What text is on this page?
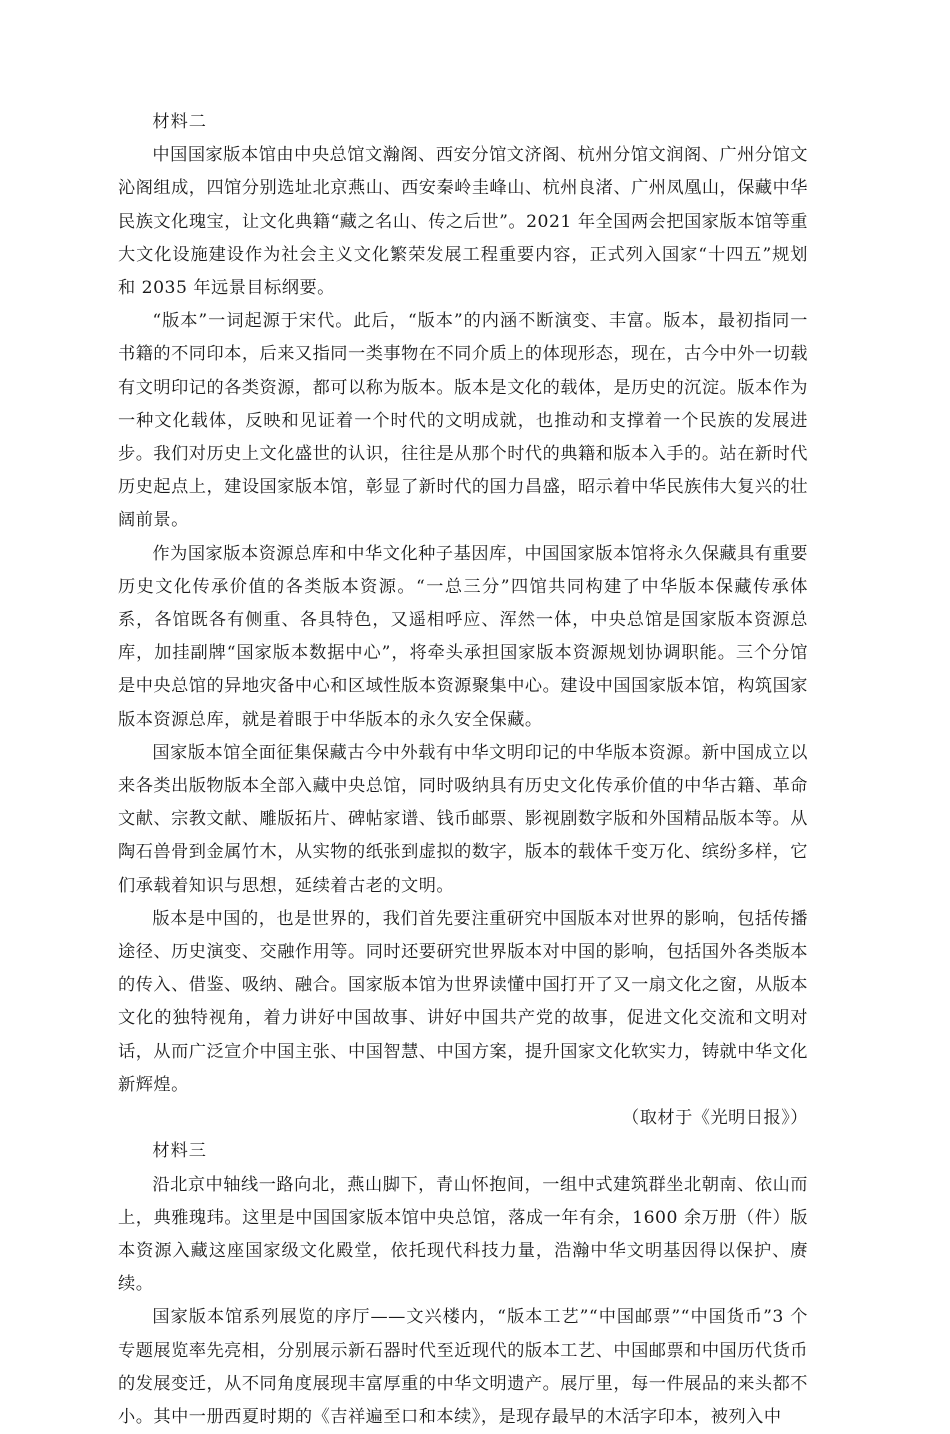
材料二

中国国家版本馆由中央总馆文瀚阁、西安分馆文济阁、杭州分馆文润阁、广州分馆文沁阁组成，四馆分别选址北京燕山、西安秦岭圭峰山、杭州良渚、广州凤凰山，保藏中华民族文化瑰宝，让文化典籍“藏之名山、传之后世”。2021 年全国两会把国家版本馆等重大文化设施建设作为社会主义文化繁荣发展工程重要内容，正式列入国家“十四五”规划和 2035 年远景目标纲要。

“版本”一词起源于宋代。此后，“版本”的内涵不断演变、丰富。版本，最初指同一书籍的不同印本，后来又指同一类事物在不同介质上的体现形态，现在，古今中外一切载有文明印记的各类资源，都可以称为版本。版本是文化的载体，是历史的沉淀。版本作为一种文化载体，反映和见证着一个时代的文明成就，也推动和支撑着一个民族的发展进步。我们对历史上文化盛世的认识，往往是从那个时代的典籍和版本入手的。站在新时代历史起点上，建设国家版本馆，彰显了新时代的国力昌盛，昭示着中华民族伟大复兴的壮阔前景。

作为国家版本资源总库和中华文化种子基因库，中国国家版本馆将永久保藏具有重要历史文化传承价值的各类版本资源。“一总三分”四馆共同构建了中华版本保藏传承体系，各馆既各有侧重、各具特色，又遥相呼应、浑然一体，中央总馆是国家版本资源总库，加挂副牌“国家版本数据中心”，将牵头承担国家版本资源规划协调职能。三个分馆是中央总馆的异地灾备中心和区域性版本资源聚集中心。建设中国国家版本馆，构筑国家版本资源总库，就是着眼于中华版本的永久安全保藏。

国家版本馆全面征集保藏古今中外载有中华文明印记的中华版本资源。新中国成立以来各类出版物版本全部入藏中央总馆，同时吸纳具有历史文化传承价值的中华古籍、革命文献、宗教文献、雕版拓片、碑帖家谱、钱币邮票、影视剧数字版和外国精品版本等。从陶石兽骨到金属竹木，从实物的纸张到虚拟的数字，版本的载体千变万化、缤纷多样，它们承载着知识与思想，延续着古老的文明。

版本是中国的，也是世界的，我们首先要注重研究中国版本对世界的影响，包括传播途径、历史演变、交融作用等。同时还要研究世界版本对中国的影响，包括国外各类版本的传入、借鉴、吸纳、融合。国家版本馆为世界读懂中国打开了又一扇文化之窗，从版本文化的独特视角，着力讲好中国故事、讲好中国共产党的故事，促进文化交流和文明对话，从而广泛宣介中国主张、中国智慧、中国方案，提升国家文化软实力，铸就中华文化新辉煌。

（取材于《光明日报》）

材料三

沿北京中轴线一路向北，燕山脚下，青山怀抱间，一组中式建筑群坐北朝南、依山而上，典雅瑰玮。这里是中国国家版本馆中央总馆，落成一年有余，1600 余万册（件）版本资源入藏这座国家级文化殿堂，依托现代科技力量，浩瀚中华文明基因得以保护、赓续。

国家版本馆系列展览的序厅——文兴楼内，“版本工艺”“中国邮票”“中国货币”3 个专题展览率先亮相，分别展示新石器时代至近现代的版本工艺、中国邮票和中国历代货币的发展变迁，从不同角度展现丰富厚重的中华文明遗产。展厅里，每一件展品的来头都不小。其中一册西夏时期的《吉祥遍至口和本续》，是现存最早的木活字印本，被列入中
